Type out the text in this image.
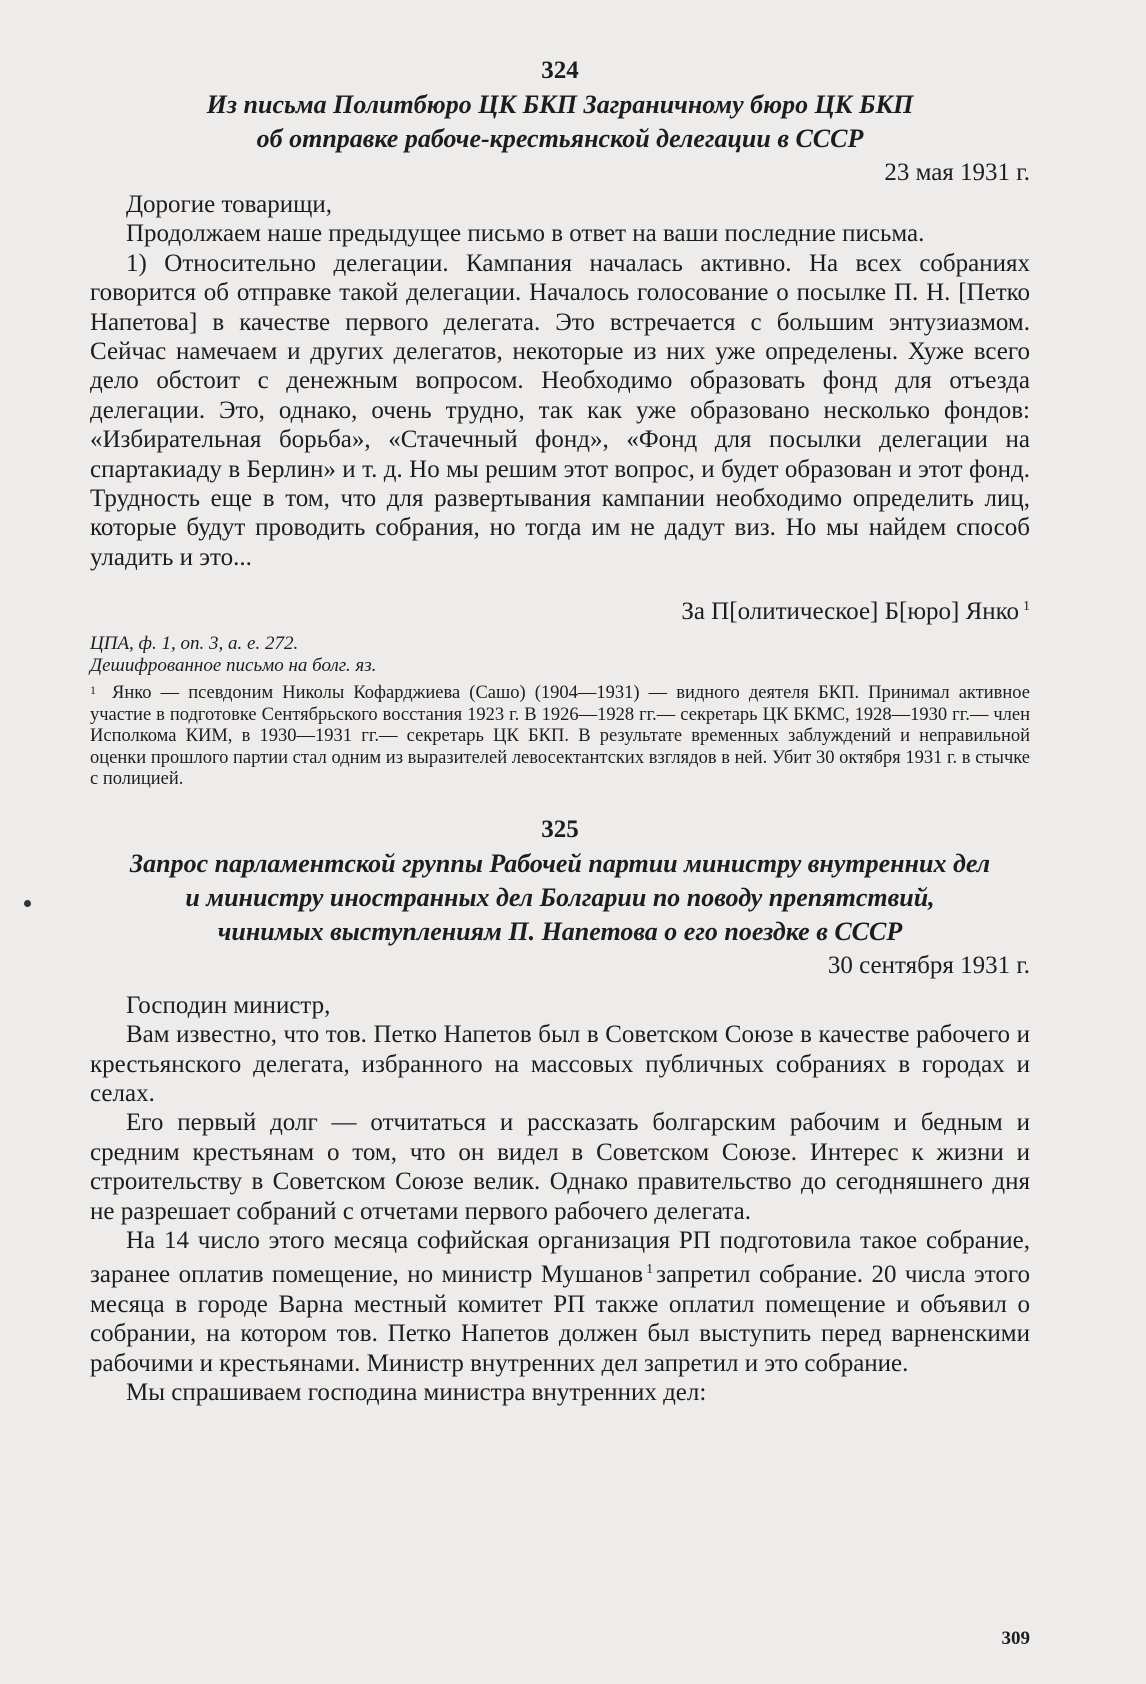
324
Из письма Политбюро ЦК БКП Заграничному бюро ЦК БКП
об отправке рабоче-крестьянской делегации в СССР
23 мая 1931 г.

Дорогие товарищи,

Продолжаем наше предыдущее письмо в ответ на ваши последние письма.

1) Относительно делегации. Кампания началась активно. На всех собраниях говорится об отправке такой делегации. Началось голосование о посылке П. Н. [Петко Напетова] в качестве первого делегата. Это встречается с большим энтузиазмом. Сейчас намечаем и других делегатов, некоторые из них уже определены. Хуже всего дело обстоит с денежным вопросом. Необходимо образовать фонд для отъезда делегации. Это, однако, очень трудно, так как уже образовано несколько фондов: «Избирательная борьба», «Стачечный фонд», «Фонд для посылки делегации на спартакиаду в Берлин» и т. д. Но мы решим этот вопрос, и будет образован и этот фонд. Трудность еще в том, что для развертывания кампании необходимо определить лиц, которые будут проводить собрания, но тогда им не дадут виз. Но мы найдем способ уладить и это...

За П[олитическое] Б[юро] Янко $^1$

ЦПА, ф. 1, оп. 3, а. е. 272.

Дешифрованное письмо на болг. яз.

1 Янко — псевдоним Николы Кофарджиева (Сашо) (1904—1931) — видного деятеля БКП. Принимал активное участие в подготовке Сентябрьского восстания 1923 г. В 1926—1928 гг.— секретарь ЦК БКМС, 1928—1930 гг.— член Исполкома КИМ, в 1930—1931 гг.— секретарь ЦК БКП. В результате временных заблуждений и неправильной оценки прошлого партии стал одним из выразителей левосектантских взглядов в ней. Убит 30 октября 1931 г. в стычке с полицией.

325
Запрос парламентской группы Рабочей партии министру внутренних дел
и министру иностранных дел Болгарии по поводу препятствий,
чинимых выступлениям П. Напетова о его поездке в СССР
30 сентября 1931 г.

Господин министр,

Вам известно, что тов. Петко Напетов был в Советском Союзе в качестве рабочего и крестьянского делегата, избранного на массовых публичных собраниях в городах и селах.

Его первый долг — отчитаться и рассказать болгарским рабочим и бедным и средним крестьянам о том, что он видел в Советском Союзе. Интерес к жизни и строительству в Советском Союзе велик. Однако правительство до сегодняшнего дня не разрешает собраний с отчетами первого рабочего делегата.

На 14 число этого месяца софийская организация РП подготовила такое собрание, заранее оплатив помещение, но министр Мушанов $^1$ запретил собрание. 20 числа этого месяца в городе Варна местный комитет РП также оплатил помещение и объявил о собрании, на котором тов. Петко Напетов должен был выступить перед варненскими рабочими и крестьянами. Министр внутренних дел запретил и это собрание.

Мы спрашиваем господина министра внутренних дел:

309
